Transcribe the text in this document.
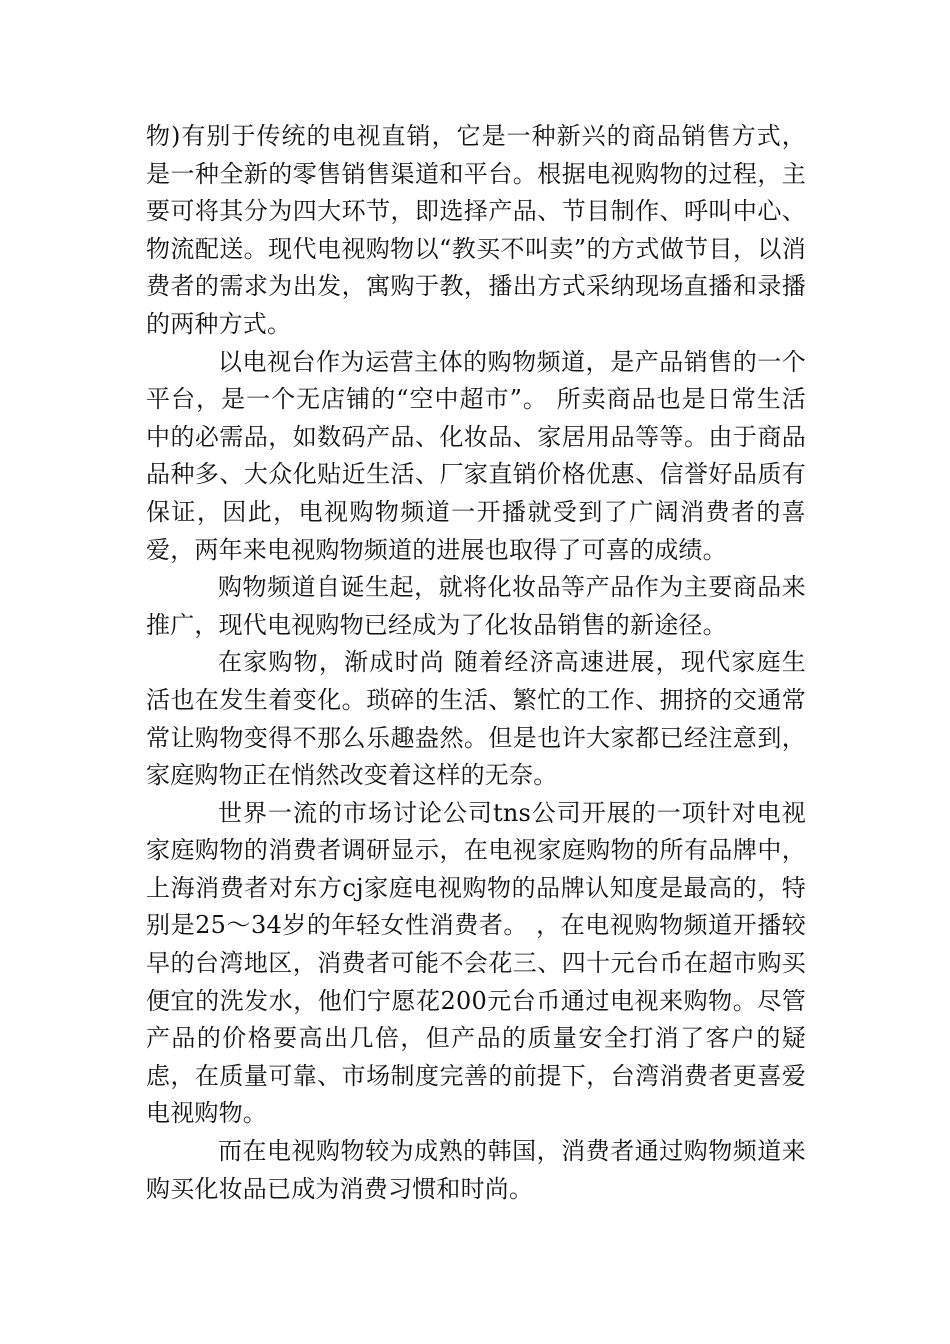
物)有别于传统的电视直销，它是一种新兴的商品销售方式，是一种全新的零售销售渠道和平台。根据电视购物的过程，主要可将其分为四大环节，即选择产品、节目制作、呼叫中心、物流配送。现代电视购物以“教买不叫卖”的方式做节目，以消费者的需求为出发，寓购于教，播出方式采纳现场直播和录播的两种方式。

以电视台作为运营主体的购物频道，是产品销售的一个平台，是一个无店铺的“空中超市”。 所卖商品也是日常生活中的必需品，如数码产品、化妆品、家居用品等等。由于商品品种多、大众化贴近生活、厂家直销价格优惠、信誉好品质有保证，因此，电视购物频道一开播就受到了广阔消费者的喜爱，两年来电视购物频道的进展也取得了可喜的成绩。

购物频道自诞生起，就将化妆品等产品作为主要商品来推广，现代电视购物已经成为了化妆品销售的新途径。

在家购物，渐成时尚 随着经济高速进展，现代家庭生活也在发生着变化。琐碎的生活、繁忙的工作、拥挤的交通常常让购物变得不那么乐趣盎然。但是也许大家都已经注意到，家庭购物正在悄然改变着这样的无奈。

世界一流的市场讨论公司tns公司开展的一项针对电视家庭购物的消费者调研显示，在电视家庭购物的所有品牌中，上海消费者对东方cj家庭电视购物的品牌认知度是最高的，特别是25～34岁的年轻女性消费者。 ，在电视购物频道开播较早的台湾地区，消费者可能不会花三、四十元台币在超市购买便宜的洗发水，他们宁愿花200元台币通过电视来购物。尽管产品的价格要高出几倍，但产品的质量安全打消了客户的疑虑，在质量可靠、市场制度完善的前提下，台湾消费者更喜爱电视购物。

而在电视购物较为成熟的韩国，消费者通过购物频道来购买化妆品已成为消费习惯和时尚。
